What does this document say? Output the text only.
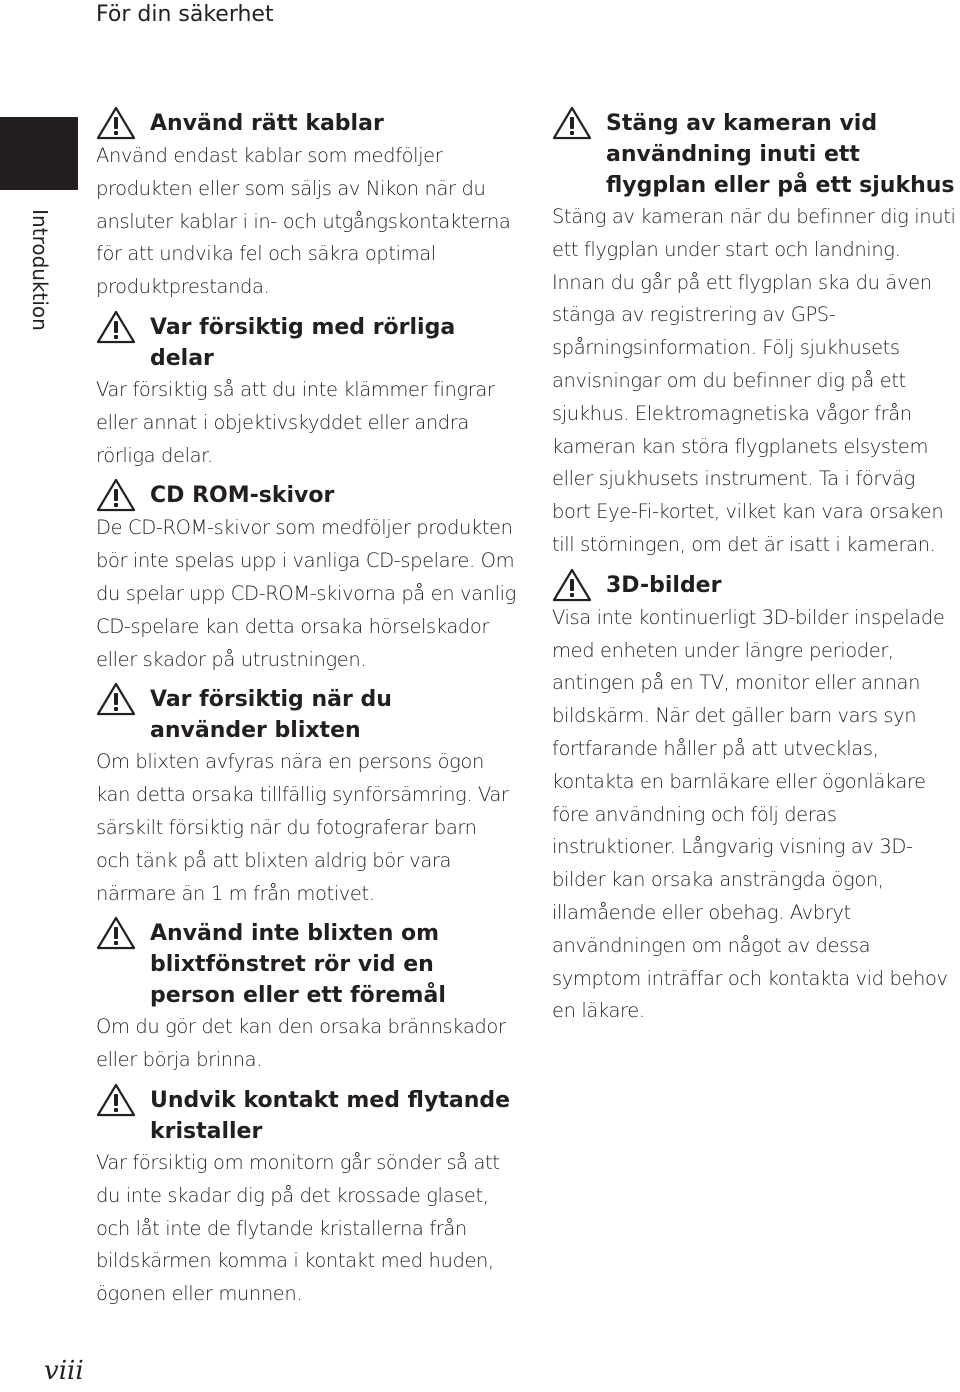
För din säkerhet
Introduktion
Använd rätt kablar
Använd endast kablar som medföljer produkten eller som säljs av Nikon när du ansluter kablar i in- och utgångskontakterna för att undvika fel och säkra optimal produktprestanda.
Var försiktig med rörliga delar
Var försiktig så att du inte klämmer fingrar eller annat i objektivskyddet eller andra rörliga delar.
CD ROM-skivor
De CD-ROM-skivor som medföljer produkten bör inte spelas upp i vanliga CD-spelare. Om du spelar upp CD-ROM-skivorna på en vanlig CD-spelare kan detta orsaka hörselskador eller skador på utrustningen.
Var försiktig när du använder blixten
Om blixten avfyras nära en persons ögon kan detta orsaka tillfällig synförsämring. Var särskilt försiktig när du fotograferar barn och tänk på att blixten aldrig bör vara närmare än 1 m från motivet.
Använd inte blixten om blixtfönstret rör vid en person eller ett föremål
Om du gör det kan den orsaka brännskador eller börja brinna.
Undvik kontakt med flytande kristaller
Var försiktig om monitorn går sönder så att du inte skadar dig på det krossade glaset, och låt inte de flytande kristallerna från bildskärmen komma i kontakt med huden, ögonen eller munnen.
Stäng av kameran vid användning inuti ett flygplan eller på ett sjukhus
Stäng av kameran när du befinner dig inuti ett flygplan under start och landning. Innan du går på ett flygplan ska du även stänga av registrering av GPS-spårningsinformation. Följ sjukhusets anvisningar om du befinner dig på ett sjukhus. Elektromagnetiska vågor från kameran kan störa flygplanets elsystem eller sjukhusets instrument. Ta i förväg bort Eye-Fi-kortet, vilket kan vara orsaken till störningen, om det är isatt i kameran.
3D-bilder
Visa inte kontinuerligt 3D-bilder inspelade med enheten under längre perioder, antingen på en TV, monitor eller annan bildskärm. När det gäller barn vars syn fortfarande håller på att utvecklas, kontakta en barnläkare eller ögonläkare före användning och följ deras instruktioner. Långvarig visning av 3D-bilder kan orsaka ansträngda ögon, illamående eller obehag. Avbryt användningen om något av dessa symptom inträffar och kontakta vid behov en läkare.
viii
